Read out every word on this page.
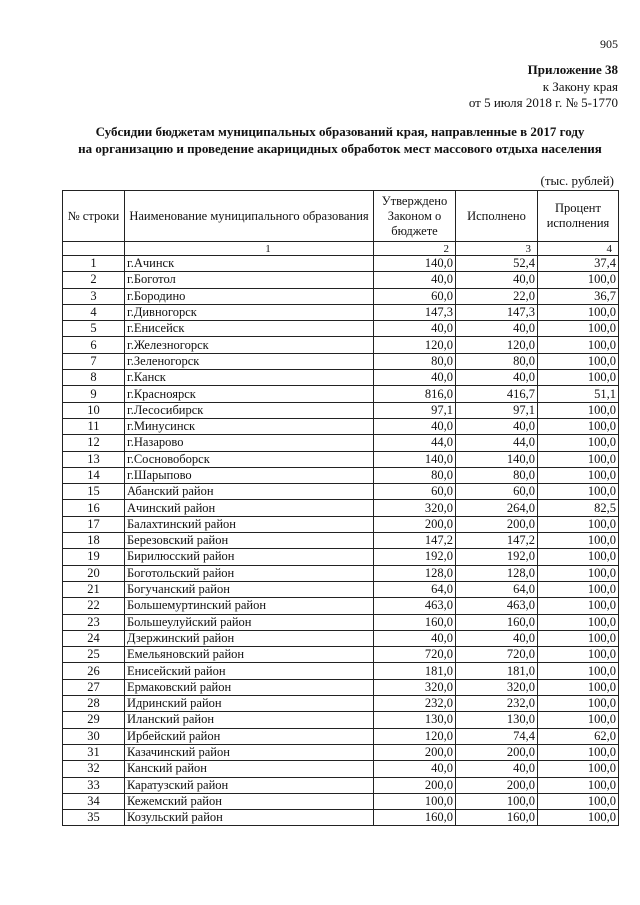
905
Приложение 38
к Закону края
от 5 июля 2018 г. № 5-1770
Субсидии бюджетам муниципальных образований края, направленные в 2017 году
на организацию и проведение акарицидных обработок мест массового отдыха населения
(тыс. рублей)
№ строки	Наименование муниципального образования	Утверждено Законом о бюджете	Исполнено	Процент исполнения
	1	2	3	4
1	г.Ачинск	140,0	52,4	37,4
2	г.Боготол	40,0	40,0	100,0
3	г.Бородино	60,0	22,0	36,7
4	г.Дивногорск	147,3	147,3	100,0
5	г.Енисейск	40,0	40,0	100,0
6	г.Железногорск	120,0	120,0	100,0
7	г.Зеленогорск	80,0	80,0	100,0
8	г.Канск	40,0	40,0	100,0
9	г.Красноярск	816,0	416,7	51,1
10	г.Лесосибирск	97,1	97,1	100,0
11	г.Минусинск	40,0	40,0	100,0
12	г.Назарово	44,0	44,0	100,0
13	г.Сосновоборск	140,0	140,0	100,0
14	г.Шарыпово	80,0	80,0	100,0
15	Абанский район	60,0	60,0	100,0
16	Ачинский район	320,0	264,0	82,5
17	Балахтинский район	200,0	200,0	100,0
18	Березовский район	147,2	147,2	100,0
19	Бирилюсский район	192,0	192,0	100,0
20	Боготольский район	128,0	128,0	100,0
21	Богучанский район	64,0	64,0	100,0
22	Большемуртинский район	463,0	463,0	100,0
23	Большеулуйский район	160,0	160,0	100,0
24	Дзержинский район	40,0	40,0	100,0
25	Емельяновский район	720,0	720,0	100,0
26	Енисейский район	181,0	181,0	100,0
27	Ермаковский район	320,0	320,0	100,0
28	Идринский район	232,0	232,0	100,0
29	Иланский район	130,0	130,0	100,0
30	Ирбейский район	120,0	74,4	62,0
31	Казачинский район	200,0	200,0	100,0
32	Канский район	40,0	40,0	100,0
33	Каратузский район	200,0	200,0	100,0
34	Кежемский район	100,0	100,0	100,0
35	Козульский район	160,0	160,0	100,0
